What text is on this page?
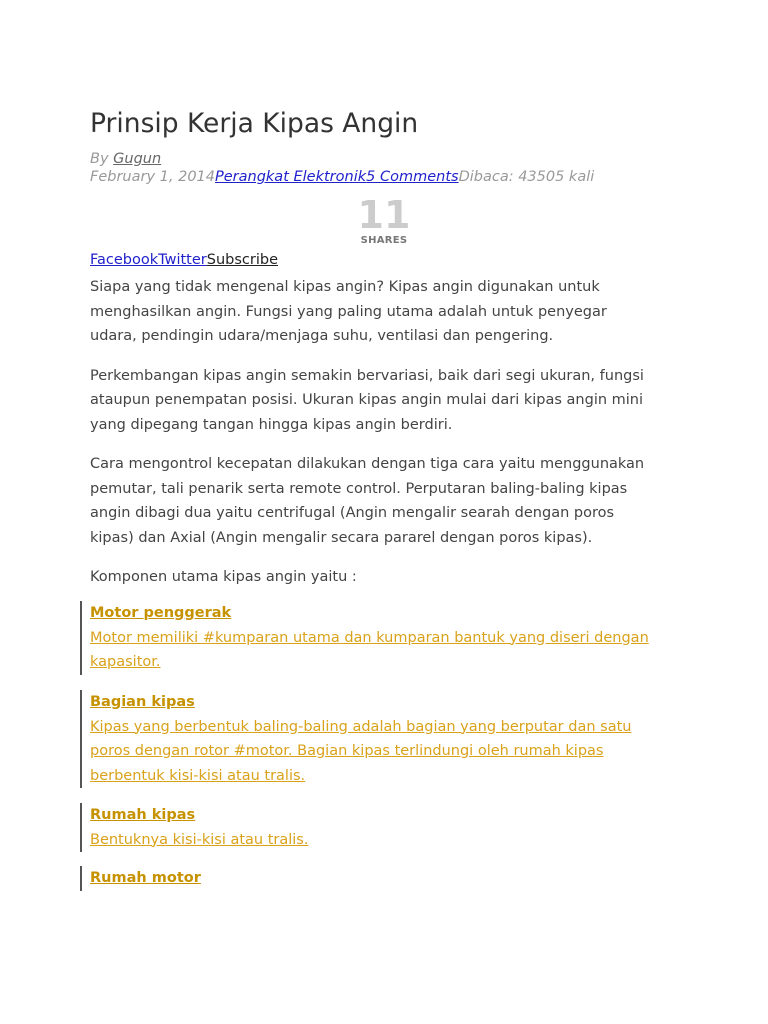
Prinsip Kerja Kipas Angin
By Gugun
February 1, 2014Perangkat Elektronik5 CommentsDibaca: 43505 kali
11
SHARES
FacebookTwitterSubscribe

Siapa yang tidak mengenal kipas angin? Kipas angin digunakan untuk
menghasilkan angin. Fungsi yang paling utama adalah untuk penyegar
udara, pendingin udara/menjaga suhu, ventilasi dan pengering.

Perkembangan kipas angin semakin bervariasi, baik dari segi ukuran, fungsi
ataupun penempatan posisi. Ukuran kipas angin mulai dari kipas angin mini
yang dipegang tangan hingga kipas angin berdiri.

Cara mengontrol kecepatan dilakukan dengan tiga cara yaitu menggunakan
pemutar, tali penarik serta remote control. Perputaran baling-baling kipas
angin dibagi dua yaitu centrifugal (Angin mengalir searah dengan poros
kipas) dan Axial (Angin mengalir secara pararel dengan poros kipas).

Komponen utama kipas angin yaitu :

Motor penggerak
Motor memiliki #kumparan utama dan kumparan bantuk yang diseri dengan
kapasitor.
Bagian kipas
Kipas yang berbentuk baling-baling adalah bagian yang berputar dan satu
poros dengan rotor #motor. Bagian kipas terlindungi oleh rumah kipas
berbentuk kisi-kisi atau tralis.
Rumah kipas
Bentuknya kisi-kisi atau tralis.
Rumah motor
